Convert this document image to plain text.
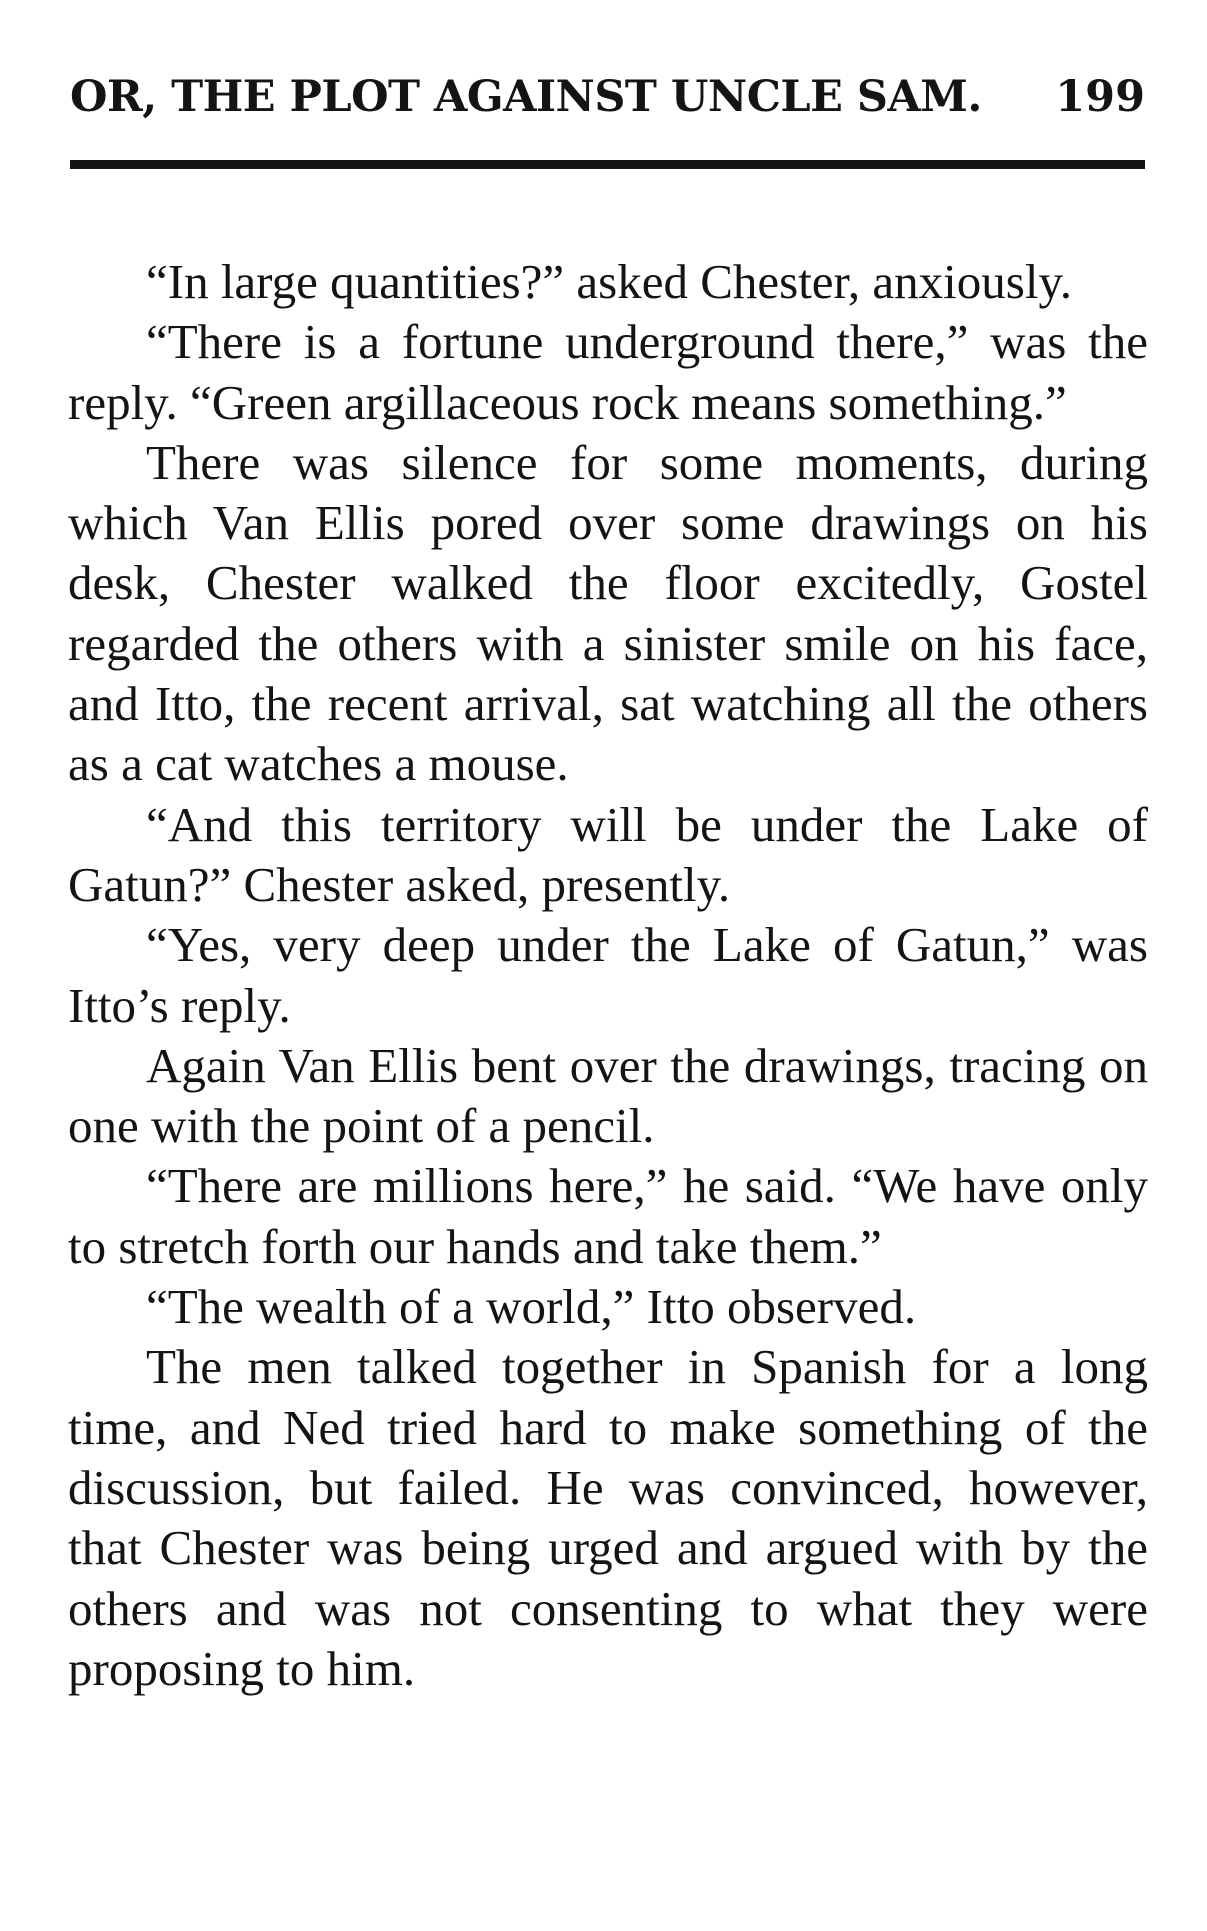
OR, THE PLOT AGAINST UNCLE SAM. 199

“In large quantities?” asked Chester, anxiously.

“There is a fortune underground there,” was the reply. “Green argillaceous rock means something.”

There was silence for some moments, during which Van Ellis pored over some drawings on his desk, Chester walked the floor excitedly, Gostel regarded the others with a sinister smile on his face, and Itto, the recent arrival, sat watching all the others as a cat watches a mouse.

“And this territory will be under the Lake of Gatun?” Chester asked, presently.

“Yes, very deep under the Lake of Gatun,” was Itto’s reply.

Again Van Ellis bent over the drawings, tracing on one with the point of a pencil.

“There are millions here,” he said. “We have only to stretch forth our hands and take them.”

“The wealth of a world,” Itto observed.

The men talked together in Spanish for a long time, and Ned tried hard to make something of the discussion, but failed. He was convinced, however, that Chester was being urged and argued with by the others and was not consenting to what they were proposing to him.
